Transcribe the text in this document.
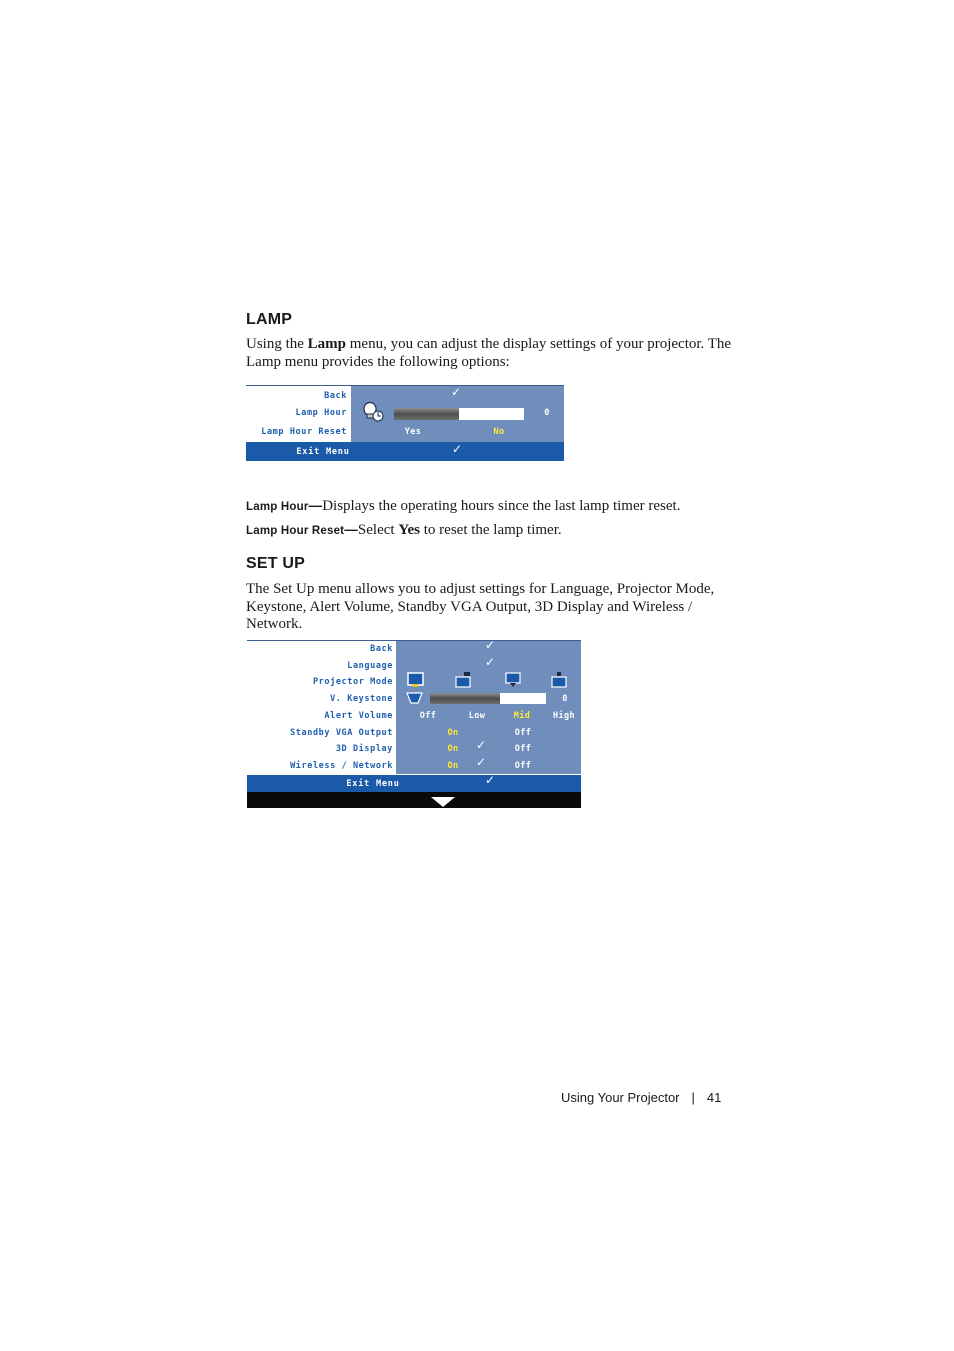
LAMP

Using the Lamp menu, you can adjust the display settings of your projector. The Lamp menu provides the following options:

Back	✓
Lamp Hour	0
Lamp Hour Reset	Yes	No
Exit Menu	✓

Lamp Hour—Displays the operating hours since the last lamp timer reset.

Lamp Hour Reset—Select Yes to reset the lamp timer.

SET UP

The Set Up menu allows you to adjust settings for Language, Projector Mode, Keystone, Alert Volume, Standby VGA Output, 3D Display and Wireless / Network.

Back	✓
Language	✓
Projector Mode
V. Keystone	0
Alert Volume	Off	Low	Mid	High
Standby VGA Output	On	Off
3D Display	On ✓	Off
Wireless / Network	On ✓	Off
Exit Menu	✓
Using Your Projector | 41
